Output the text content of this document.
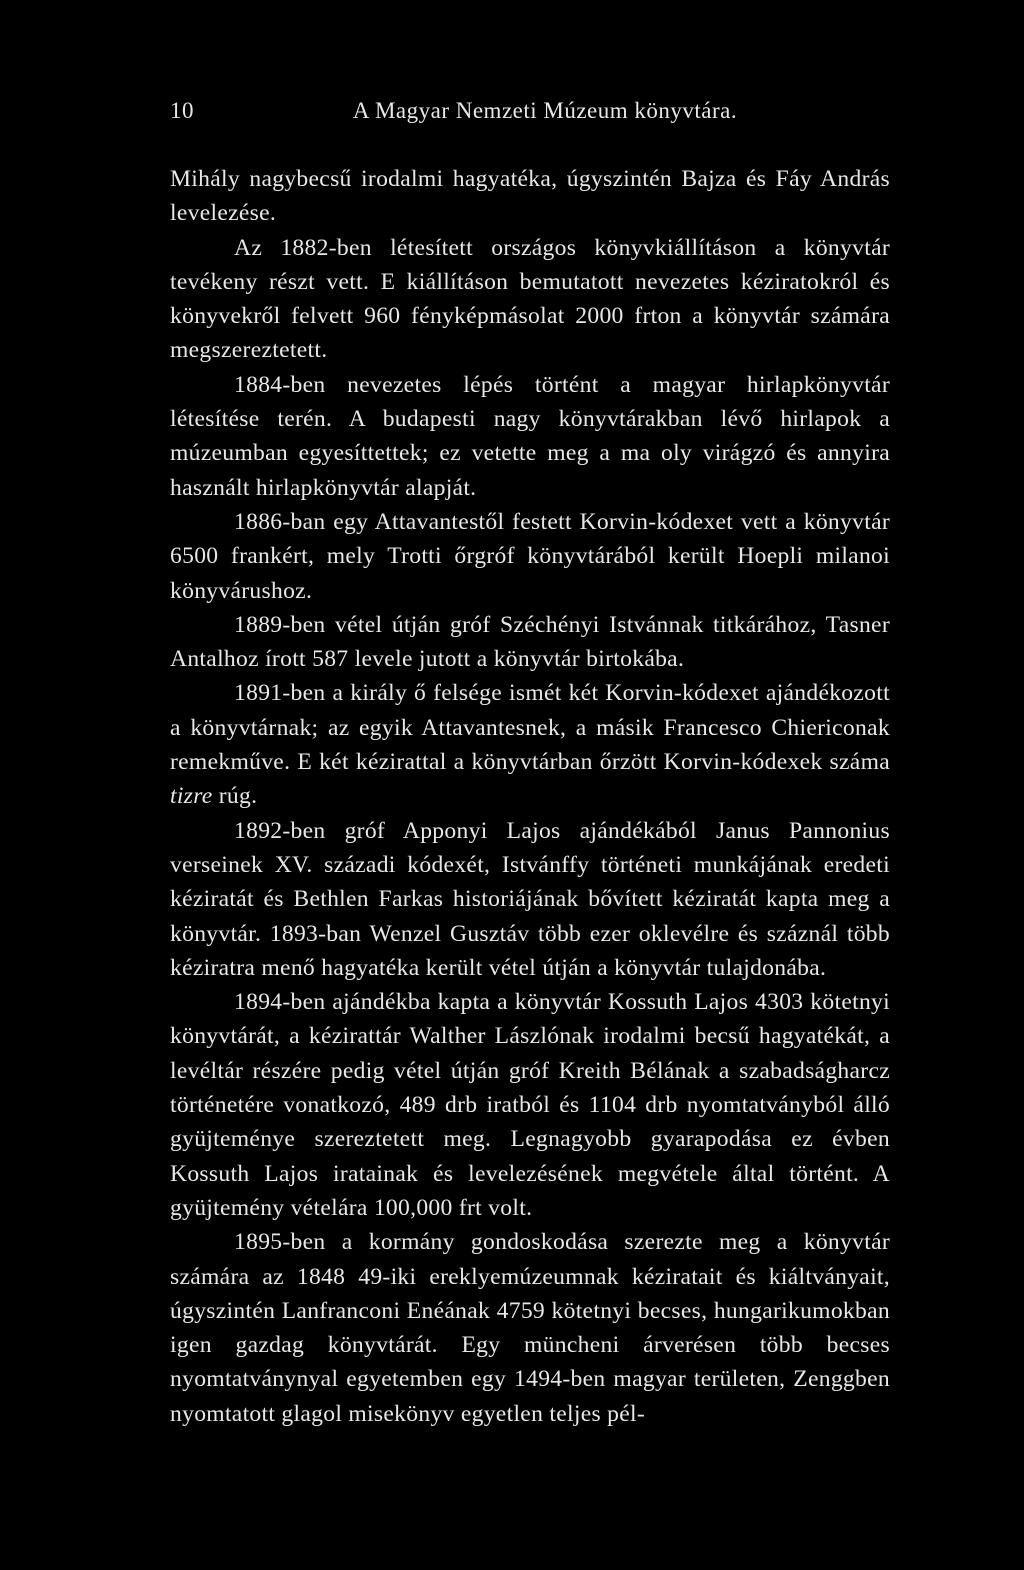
10	A Magyar Nemzeti Múzeum könyvtára.

Mihály nagybecsű irodalmi hagyatéka, úgyszintén Bajza és Fáy András levelezése.

Az 1882-ben létesített országos könyvkiállításon a könyvtár tevékeny részt vett. E kiállításon bemutatott nevezetes kéziratokról és könyvekről felvett 960 fényképmásolat 2000 frton a könyvtár számára megszereztetett.

1884-ben nevezetes lépés történt a magyar hirlapkönyvtár létesítése terén. A budapesti nagy könyvtárakban lévő hirlapok a múzeumban egyesíttettek; ez vetette meg a ma oly virágzó és annyira használt hirlapkönyvtár alapját.

1886-ban egy Attavantestől festett Korvin-kódexet vett a könyvtár 6500 frankért, mely Trotti őrgróf könyvtárából került Hoepli milanoi könyvárushoz.

1889-ben vétel útján gróf Széchényi Istvánnak titkárához, Tasner Antalhoz írott 587 levele jutott a könyvtár birtokába.

1891-ben a király ő felsége ismét két Korvin-kódexet ajándékozott a könyvtárnak; az egyik Attavantesnek, a másik Francesco Chiericonak remekműve. E két kézirattal a könyvtárban őrzött Korvin-kódexek száma tizre rúg.

1892-ben gróf Apponyi Lajos ajándékából Janus Pannonius verseinek XV. századi kódexét, Istvánffy történeti munkájának eredeti kéziratát és Bethlen Farkas historiájának bővített kéziratát kapta meg a könyvtár. 1893-ban Wenzel Gusztáv több ezer oklevélre és száznál több kéziratra menő hagyatéka került vétel útján a könyvtár tulajdonába.

1894-ben ajándékba kapta a könyvtár Kossuth Lajos 4303 kötetnyi könyvtárát, a kézirattár Walther Lászlónak irodalmi becsű hagyatékát, a levéltár részére pedig vétel útján gróf Kreith Bélának a szabadságharcz történetére vonatkozó, 489 drb iratból és 1104 drb nyomtatványból álló gyüjteménye szereztetett meg. Legnagyobb gyarapodása ez évben Kossuth Lajos iratainak és levelezésének megvétele által történt. A gyüjtemény vételára 100,000 frt volt.

1895-ben a kormány gondoskodása szerezte meg a könyvtár számára az 1848 49-iki ereklyemúzeumnak kéziratait és kiáltványait, úgyszintén Lanfranconi Enéának 4759 kötetnyi becses, hungarikumokban igen gazdag könyvtárát. Egy müncheni árverésen több becses nyomtatványnyal egyetemben egy 1494-ben magyar területen, Zenggben nyomtatott glagol misekönyv egyetlen teljes pél-
